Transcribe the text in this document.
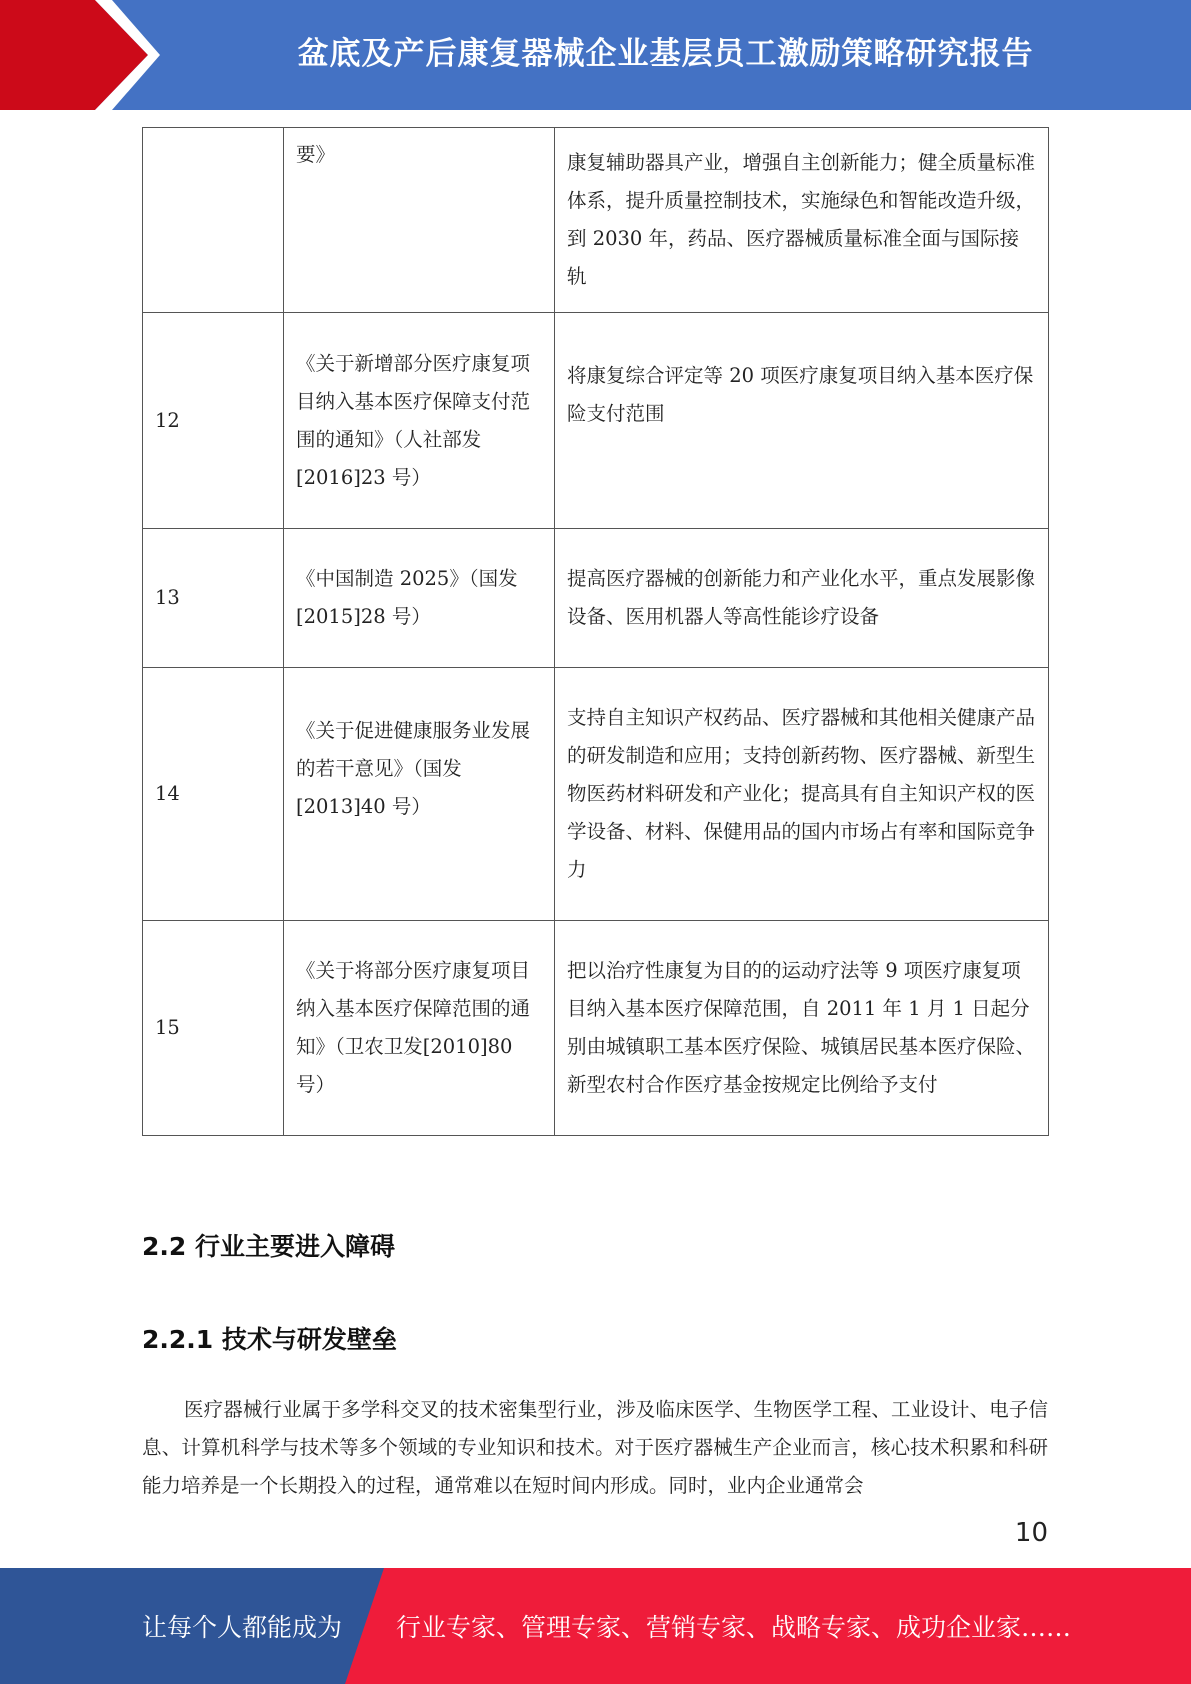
盆底及产后康复器械企业基层员工激励策略研究报告
	要》	康复辅助器具产业，增强自主创新能力；健全质量标准体系，提升质量控制技术，实施绿色和智能改造升级，到 2030 年，药品、医疗器械质量标准全面与国际接轨
12	《关于新增部分医疗康复项目纳入基本医疗保障支付范围的通知》（人社部发[2016]23 号）	将康复综合评定等 20 项医疗康复项目纳入基本医疗保险支付范围
13	《中国制造 2025》（国发[2015]28 号）	提高医疗器械的创新能力和产业化水平，重点发展影像设备、医用机器人等高性能诊疗设备
14	《关于促进健康服务业发展的若干意见》（国发[2013]40 号）	支持自主知识产权药品、医疗器械和其他相关健康产品的研发制造和应用；支持创新药物、医疗器械、新型生物医药材料研发和产业化；提高具有自主知识产权的医学设备、材料、保健用品的国内市场占有率和国际竞争力
15	《关于将部分医疗康复项目纳入基本医疗保障范围的通知》（卫农卫发[2010]80 号）	把以治疗性康复为目的的运动疗法等 9 项医疗康复项目纳入基本医疗保障范围，自 2011 年 1 月 1 日起分别由城镇职工基本医疗保险、城镇居民基本医疗保险、新型农村合作医疗基金按规定比例给予支付
2.2 行业主要进入障碍
2.2.1 技术与研发壁垒
医疗器械行业属于多学科交叉的技术密集型行业，涉及临床医学、生物医学工程、工业设计、电子信息、计算机科学与技术等多个领域的专业知识和技术。对于医疗器械生产企业而言，核心技术积累和科研能力培养是一个长期投入的过程，通常难以在短时间内形成。同时，业内企业通常会
10
让每个人都能成为 行业专家、管理专家、营销专家、战略专家、成功企业家……
